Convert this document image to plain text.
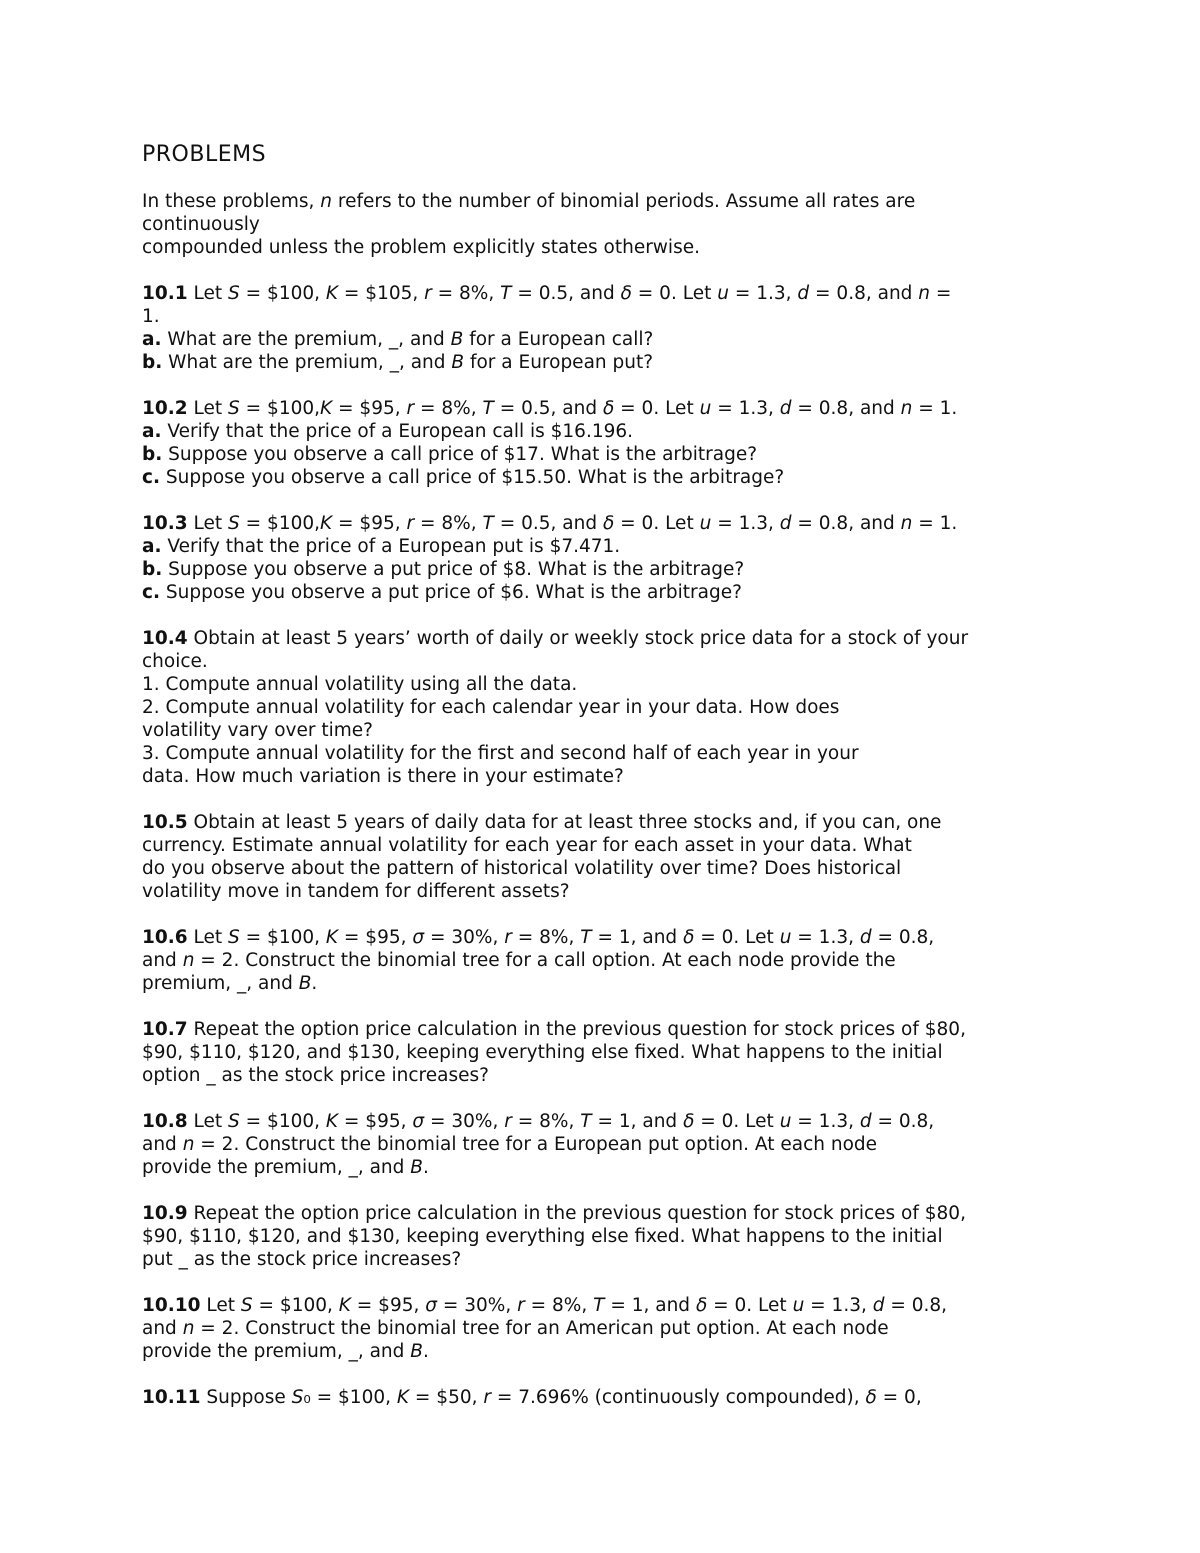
PROBLEMS
In these problems, n refers to the number of binomial periods. Assume all rates are
continuously
compounded unless the problem explicitly states otherwise.
10.1 Let S = $100, K = $105, r = 8%, T = 0.5, and δ = 0. Let u = 1.3, d = 0.8, and n =
1.
a. What are the premium, _, and B for a European call?
b. What are the premium, _, and B for a European put?
10.2 Let S = $100,K = $95, r = 8%, T = 0.5, and δ = 0. Let u = 1.3, d = 0.8, and n = 1.
a. Verify that the price of a European call is $16.196.
b. Suppose you observe a call price of $17. What is the arbitrage?
c. Suppose you observe a call price of $15.50. What is the arbitrage?
10.3 Let S = $100,K = $95, r = 8%, T = 0.5, and δ = 0. Let u = 1.3, d = 0.8, and n = 1.
a. Verify that the price of a European put is $7.471.
b. Suppose you observe a put price of $8. What is the arbitrage?
c. Suppose you observe a put price of $6. What is the arbitrage?
10.4 Obtain at least 5 years’ worth of daily or weekly stock price data for a stock of your
choice.
1. Compute annual volatility using all the data.
2. Compute annual volatility for each calendar year in your data. How does
volatility vary over time?
3. Compute annual volatility for the first and second half of each year in your
data. How much variation is there in your estimate?
10.5 Obtain at least 5 years of daily data for at least three stocks and, if you can, one
currency. Estimate annual volatility for each year for each asset in your data. What
do you observe about the pattern of historical volatility over time? Does historical
volatility move in tandem for different assets?
10.6 Let S = $100, K = $95, σ = 30%, r = 8%, T = 1, and δ = 0. Let u = 1.3, d = 0.8,
and n = 2. Construct the binomial tree for a call option. At each node provide the
premium, _, and B.
10.7 Repeat the option price calculation in the previous question for stock prices of $80,
$90, $110, $120, and $130, keeping everything else fixed. What happens to the initial
option _ as the stock price increases?
10.8 Let S = $100, K = $95, σ = 30%, r = 8%, T = 1, and δ = 0. Let u = 1.3, d = 0.8,
and n = 2. Construct the binomial tree for a European put option. At each node
provide the premium, _, and B.
10.9 Repeat the option price calculation in the previous question for stock prices of $80,
$90, $110, $120, and $130, keeping everything else fixed. What happens to the initial
put _ as the stock price increases?
10.10 Let S = $100, K = $95, σ = 30%, r = 8%, T = 1, and δ = 0. Let u = 1.3, d = 0.8,
and n = 2. Construct the binomial tree for an American put option. At each node
provide the premium, _, and B.
10.11 Suppose S₀ = $100, K = $50, r = 7.696% (continuously compounded), δ = 0,
